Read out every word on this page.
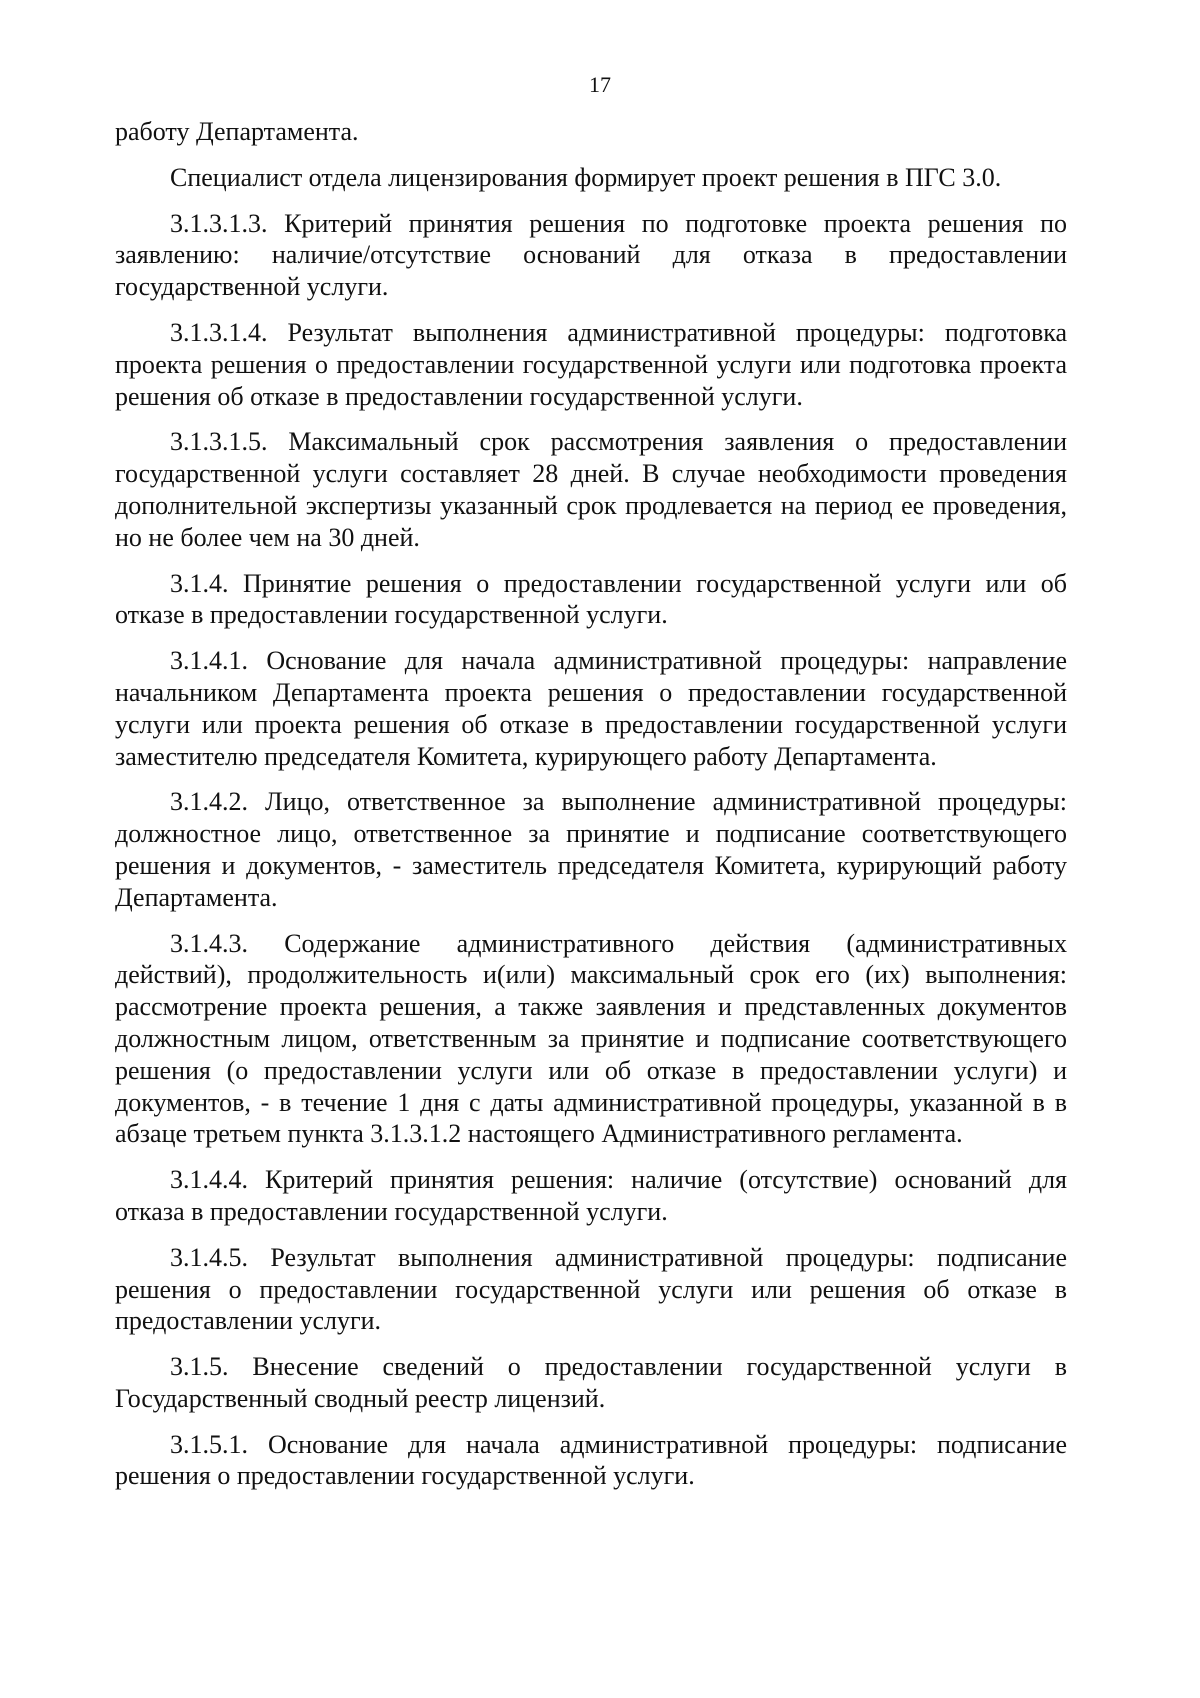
17

работу Департамента.

Специалист отдела лицензирования формирует проект решения в ПГС 3.0.

3.1.3.1.3. Критерий принятия решения по подготовке проекта решения по заявлению: наличие/отсутствие оснований для отказа в предоставлении государственной услуги.

3.1.3.1.4. Результат выполнения административной процедуры: подготовка проекта решения о предоставлении государственной услуги или подготовка проекта решения об отказе в предоставлении государственной услуги.

3.1.3.1.5. Максимальный срок рассмотрения заявления о предоставлении государственной услуги составляет 28 дней. В случае необходимости проведения дополнительной экспертизы указанный срок продлевается на период ее проведения, но не более чем на 30 дней.

3.1.4. Принятие решения о предоставлении государственной услуги или об отказе в предоставлении государственной услуги.

3.1.4.1. Основание для начала административной процедуры: направление начальником Департамента проекта решения о предоставлении государственной услуги или проекта решения об отказе в предоставлении государственной услуги заместителю председателя Комитета, курирующего работу Департамента.

3.1.4.2. Лицо, ответственное за выполнение административной процедуры: должностное лицо, ответственное за принятие и подписание соответствующего решения и документов, - заместитель председателя Комитета, курирующий работу Департамента.

3.1.4.3. Содержание административного действия (административных действий), продолжительность и(или) максимальный срок его (их) выполнения: рассмотрение проекта решения, а также заявления и представленных документов должностным лицом, ответственным за принятие и подписание соответствующего решения (о предоставлении услуги или об отказе в предоставлении услуги) и документов, - в течение 1 дня с даты административной процедуры, указанной в в абзаце третьем пункта 3.1.3.1.2 настоящего Административного регламента.

3.1.4.4. Критерий принятия решения: наличие (отсутствие) оснований для отказа в предоставлении государственной услуги.

3.1.4.5. Результат выполнения административной процедуры: подписание решения о предоставлении государственной услуги или решения об отказе в предоставлении услуги.

3.1.5. Внесение сведений о предоставлении государственной услуги в Государственный сводный реестр лицензий.

3.1.5.1. Основание для начала административной процедуры: подписание решения о предоставлении государственной услуги.
